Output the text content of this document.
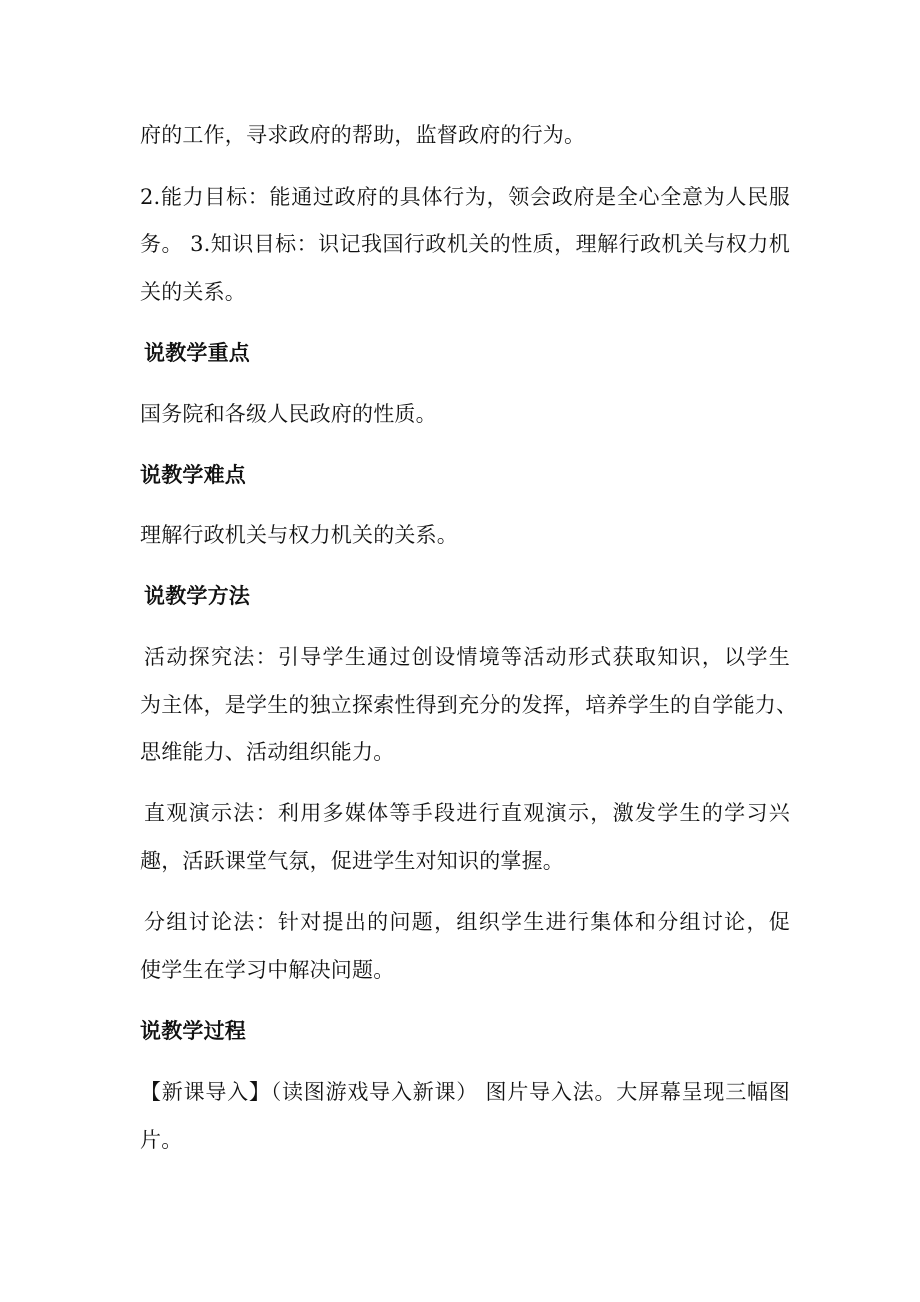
府的工作，寻求政府的帮助，监督政府的行为。
2.能力目标：能通过政府的具体行为，领会政府是全心全意为人民服
务。 3.知识目标：识记我国行政机关的性质，理解行政机关与权力机
关的关系。
说教学重点
国务院和各级人民政府的性质。
说教学难点
理解行政机关与权力机关的关系。
说教学方法
活动探究法：引导学生通过创设情境等活动形式获取知识，以学生
为主体，是学生的独立探索性得到充分的发挥，培养学生的自学能力、
思维能力、活动组织能力。
直观演示法：利用多媒体等手段进行直观演示，激发学生的学习兴
趣，活跃课堂气氛，促进学生对知识的掌握。
分组讨论法：针对提出的问题，组织学生进行集体和分组讨论，促
使学生在学习中解决问题。
说教学过程
【新课导入】（读图游戏导入新课） 图片导入法。大屏幕呈现三幅图
片。
